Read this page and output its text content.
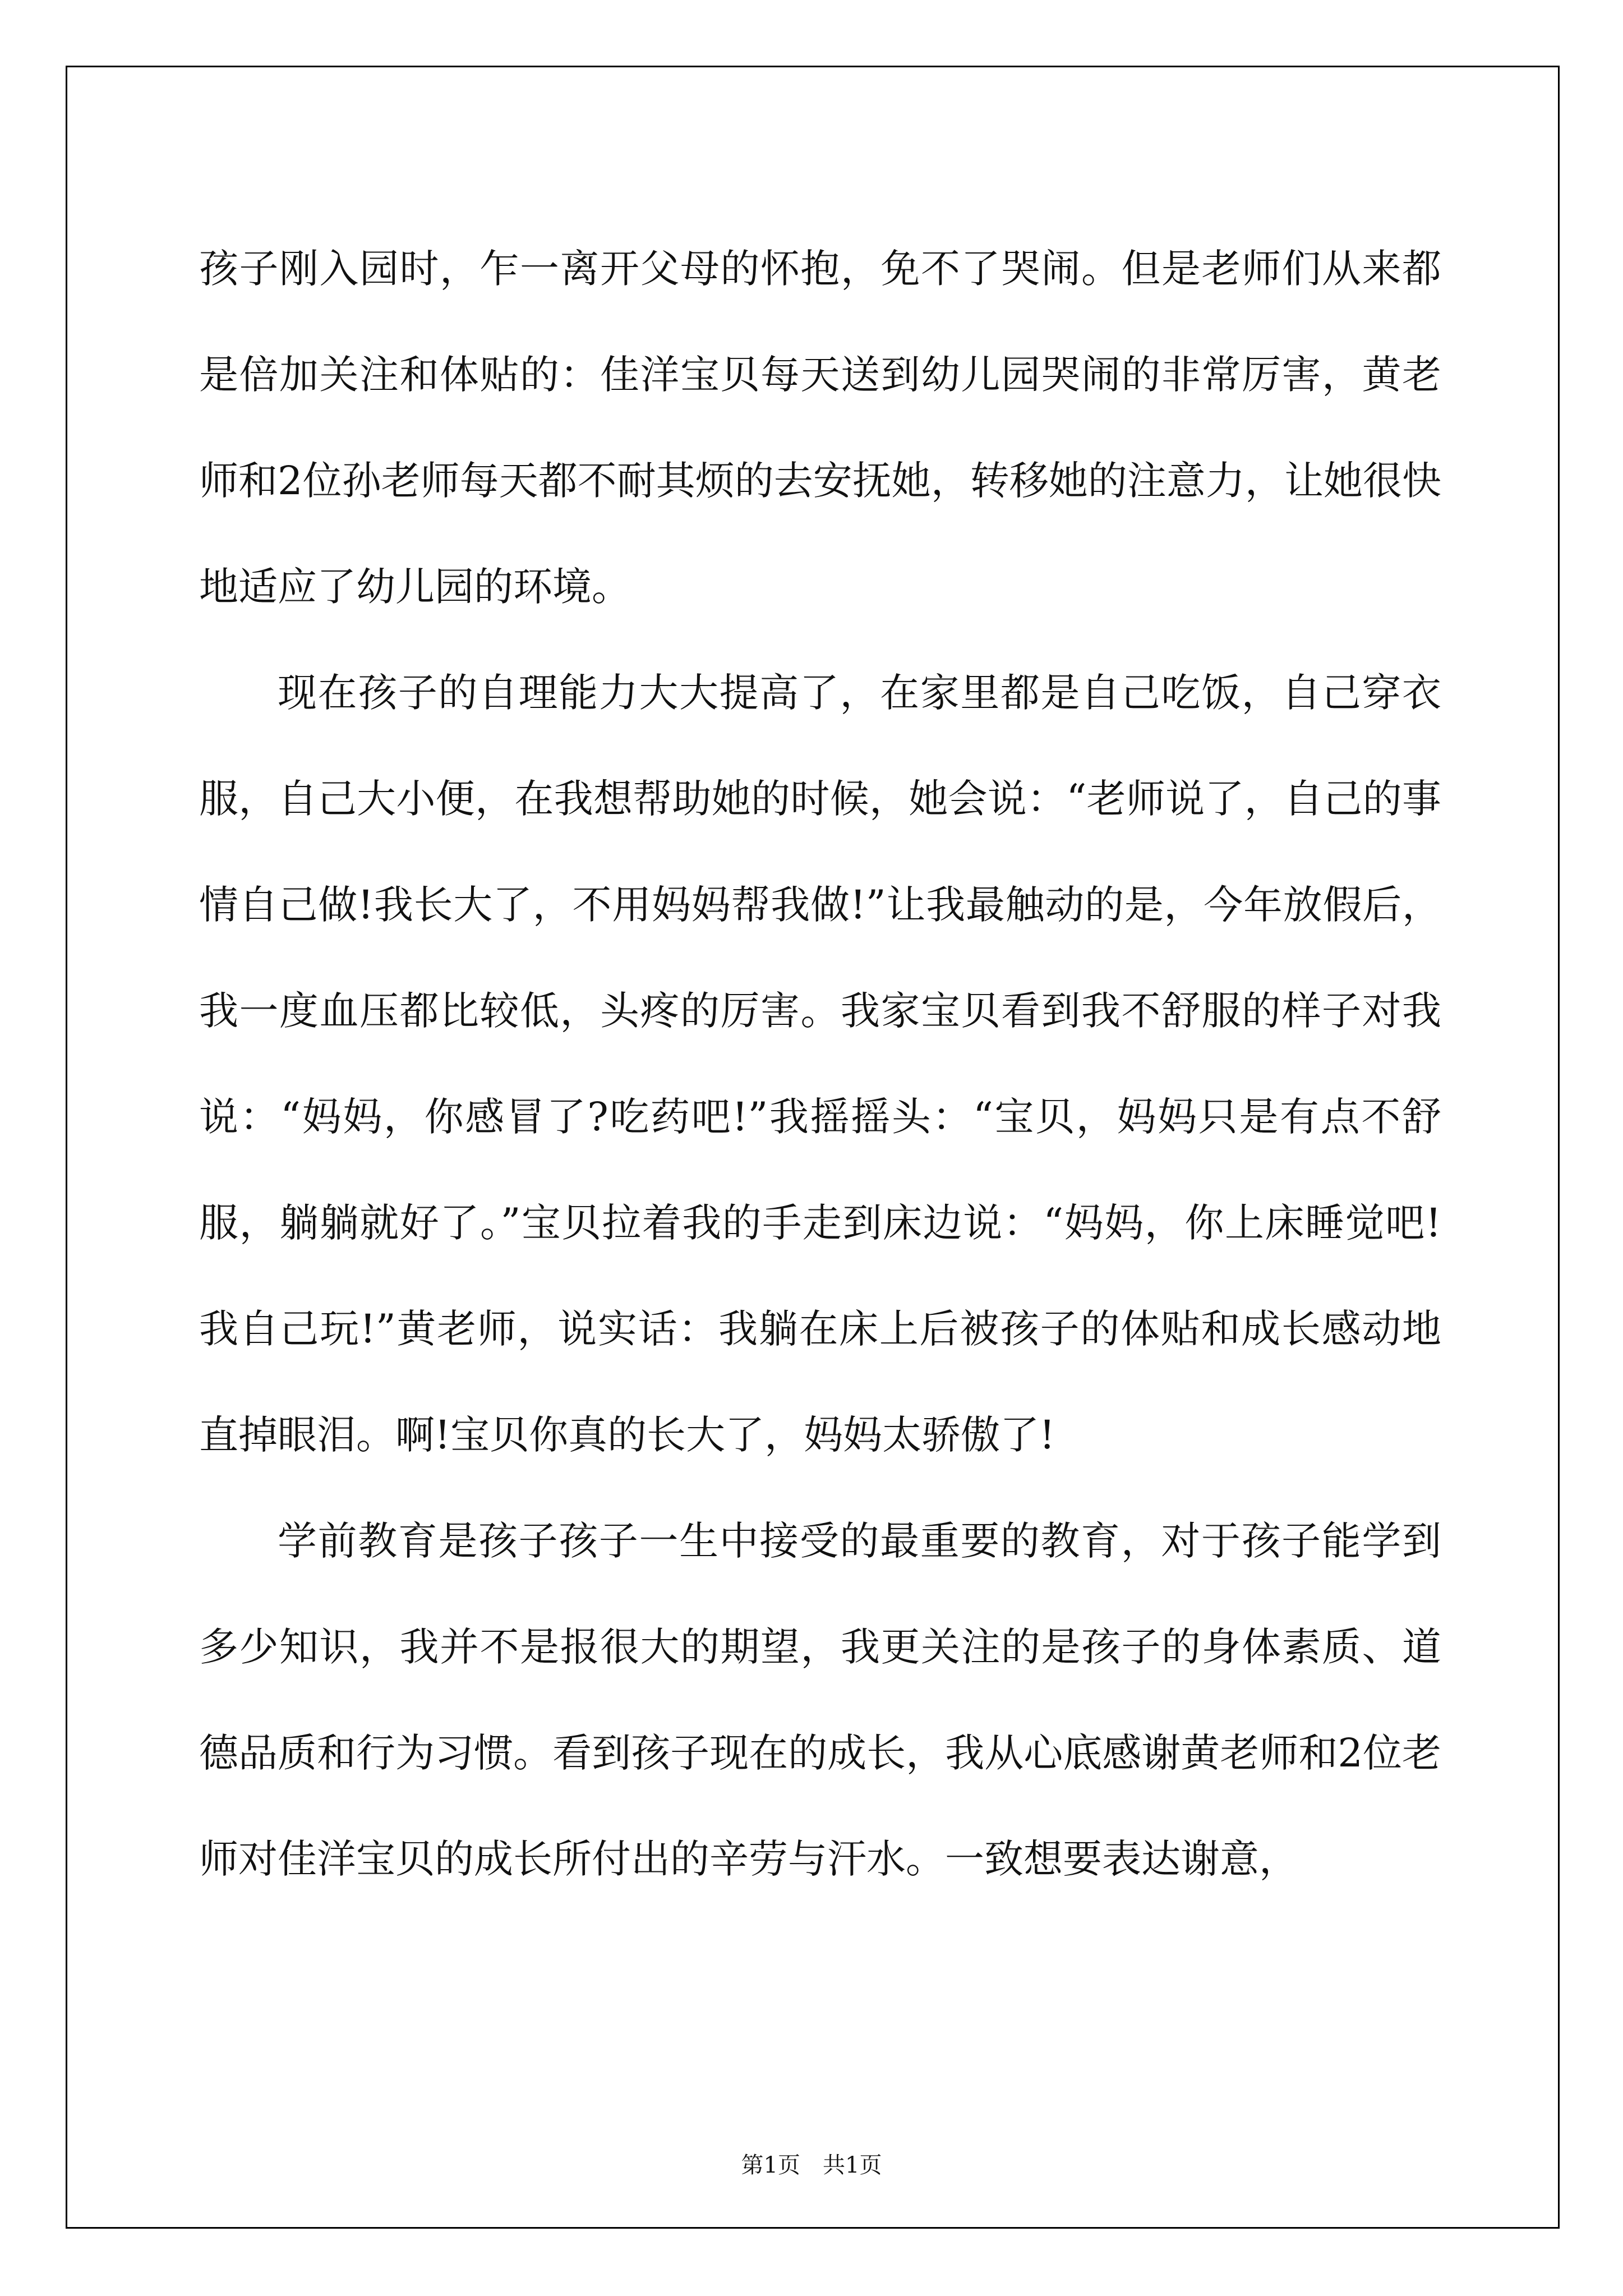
孩子刚入园时，乍一离开父母的怀抱，免不了哭闹。但是老师们从来都是倍加关注和体贴的：佳洋宝贝每天送到幼儿园哭闹的非常厉害，黄老师和2位孙老师每天都不耐其烦的去安抚她，转移她的注意力，让她很快地适应了幼儿园的环境。

现在孩子的自理能力大大提高了，在家里都是自己吃饭，自己穿衣服，自己大小便，在我想帮助她的时候，她会说：“老师说了，自己的事情自己做!我长大了，不用妈妈帮我做!”让我最触动的是，今年放假后，我一度血压都比较低，头疼的厉害。我家宝贝看到我不舒服的样子对我说：“妈妈，你感冒了?吃药吧!”我摇摇头：“宝贝，妈妈只是有点不舒服，躺躺就好了。”宝贝拉着我的手走到床边说：“妈妈，你上床睡觉吧!我自己玩!”黄老师，说实话：我躺在床上后被孩子的体贴和成长感动地直掉眼泪。啊!宝贝你真的长大了，妈妈太骄傲了!

学前教育是孩子孩子一生中接受的最重要的教育，对于孩子能学到多少知识，我并不是报很大的期望，我更关注的是孩子的身体素质、道德品质和行为习惯。看到孩子现在的成长，我从心底感谢黄老师和2位老师对佳洋宝贝的成长所付出的辛劳与汗水。一致想要表达谢意，

第1页 共1页
